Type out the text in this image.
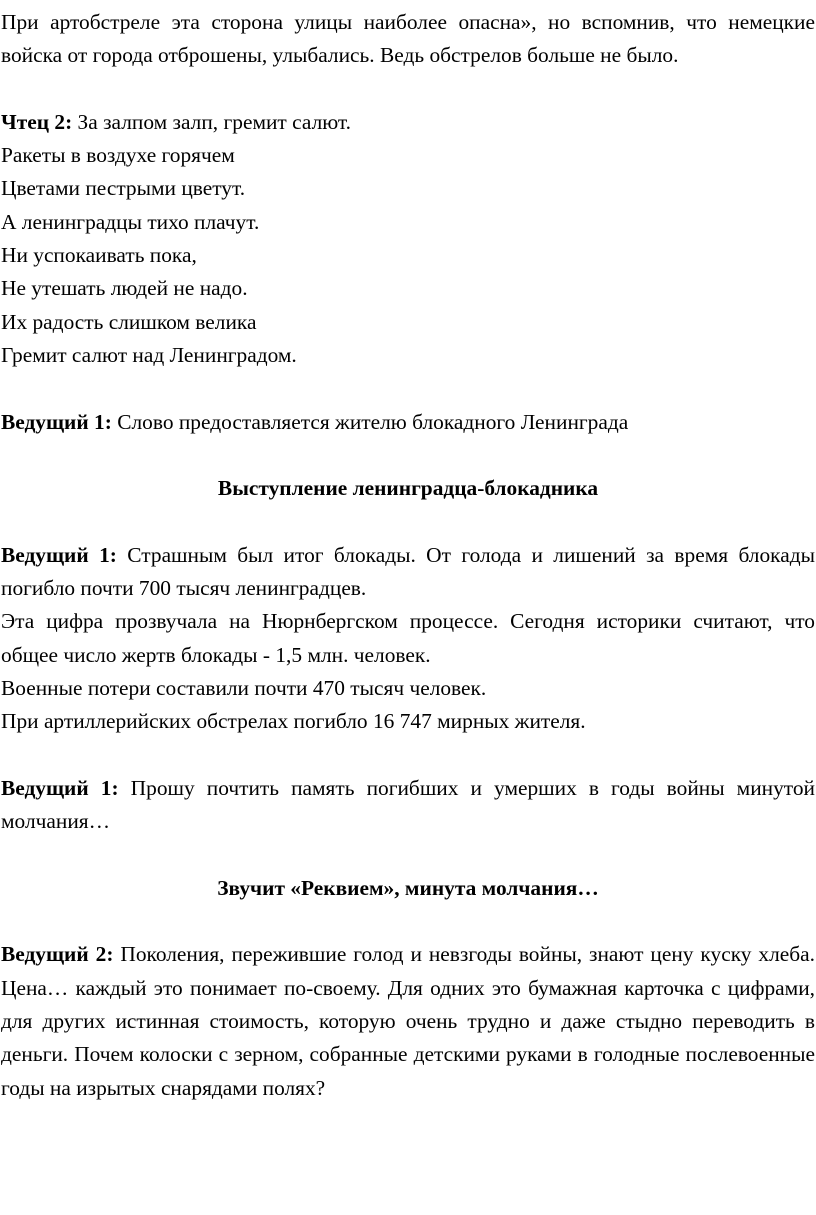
При артобстреле эта сторона улицы наиболее опасна», но вспомнив, что немецкие войска от города отброшены, улыбались. Ведь обстрелов больше не было.

Чтец 2: За залпом залп, гремит салют.

Ракеты в воздухе горячем

Цветами пестрыми цветут.

А ленинградцы тихо плачут.

Ни успокаивать пока,

Не утешать людей не надо.

Их радость слишком велика

Гремит салют над Ленинградом.

Ведущий 1: Слово предоставляется жителю блокадного Ленинграда

Выступление ленинградца-блокадника

Ведущий 1: Страшным был итог блокады. От голода и лишений за время блокады погибло почти 700 тысяч ленинградцев.

Эта цифра прозвучала на Нюрнбергском процессе. Сегодня историки считают, что общее число жертв блокады - 1,5 млн. человек.

Военные потери составили почти 470 тысяч человек.

При артиллерийских обстрелах погибло 16 747 мирных жителя.

Ведущий 1: Прошу почтить память погибших и умерших в годы войны минутой молчания…

Звучит «Реквием», минута молчания…

Ведущий 2: Поколения, пережившие голод и невзгоды войны, знают цену куску хлеба. Цена… каждый это понимает по-своему. Для одних это бумажная карточка с цифрами, для других истинная стоимость, которую очень трудно и даже стыдно переводить в деньги. Почем колоски с зерном, собранные детскими руками в голодные послевоенные годы на изрытых снарядами полях?
